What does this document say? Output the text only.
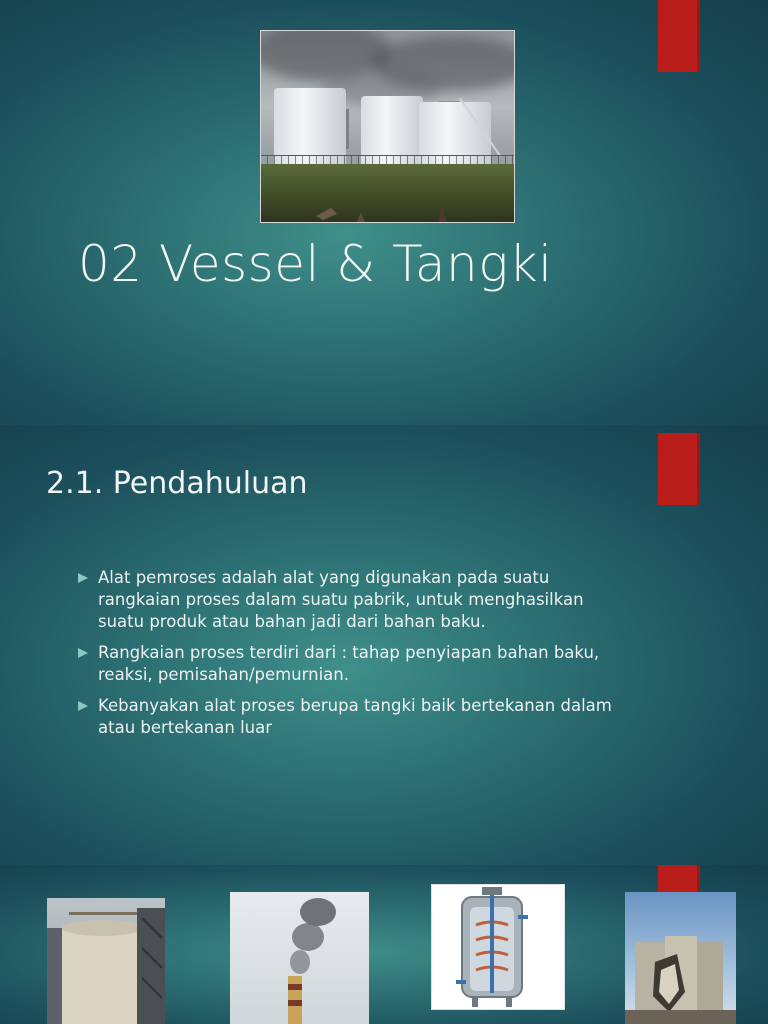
02 Vessel & Tangki
2.1. Pendahuluan
Alat pemroses adalah alat yang digunakan pada suatu rangkaian proses dalam suatu pabrik, untuk menghasilkan suatu produk atau bahan jadi dari bahan baku.
Rangkaian proses terdiri dari : tahap penyiapan bahan baku, reaksi, pemisahan/pemurnian.
Kebanyakan alat proses berupa tangki baik bertekanan dalam atau bertekanan luar
